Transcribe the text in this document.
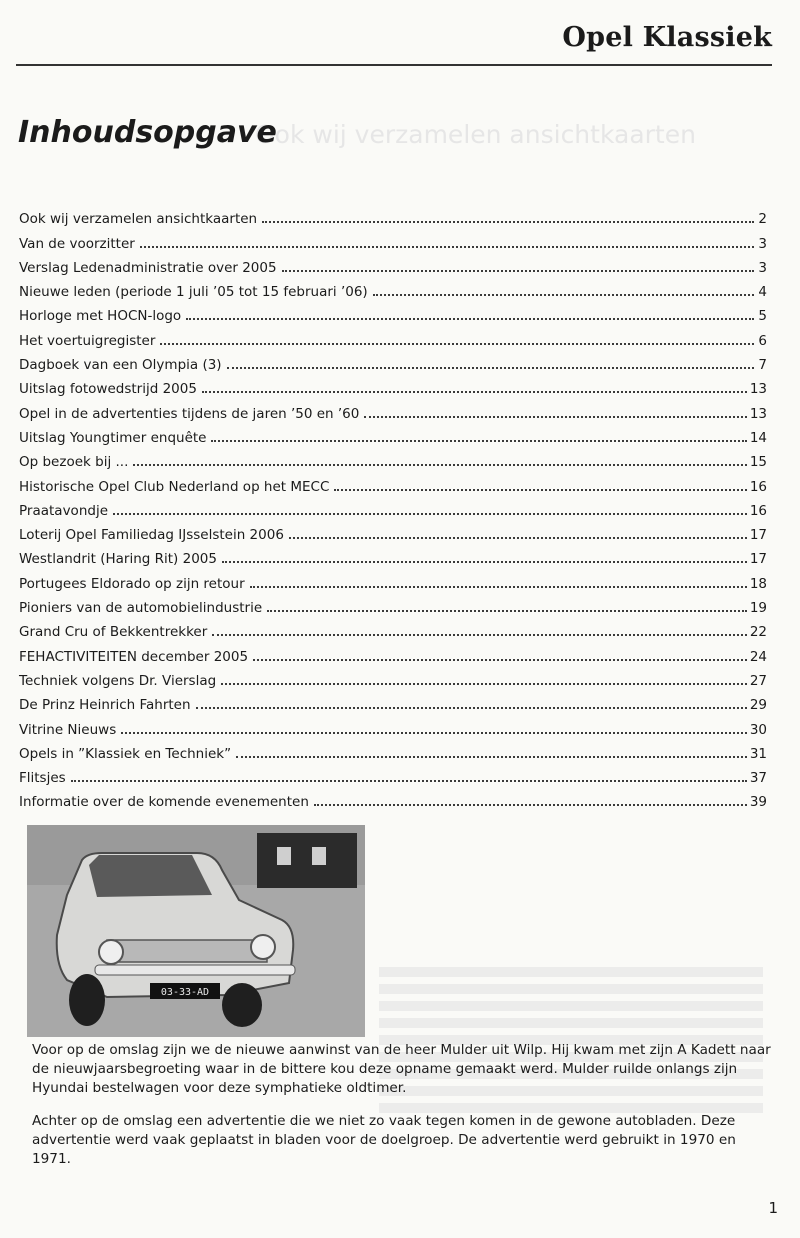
Opel Klassiek
Ook wij verzamelen ansichtkaarten
Inhoudsopgave
Ook wij verzamelen ansichtkaarten	2
Van de voorzitter	3
Verslag Ledenadministratie over 2005	3
Nieuwe leden (periode 1 juli ’05 tot 15 februari ’06)	4
Horloge met HOCN-logo	5
Het voertuigregister	6
Dagboek van een Olympia (3)	7
Uitslag fotowedstrijd 2005	13
Opel in de advertenties tijdens de jaren ’50 en ’60	13
Uitslag Youngtimer enquête	14
Op bezoek bij ...	15
Historische Opel Club Nederland op het MECC	16
Praatavondje	16
Loterij Opel Familiedag IJsselstein 2006	17
Westlandrit (Haring Rit) 2005	17
Portugees Eldorado op zijn retour	18
Pioniers van de automobielindustrie	19
Grand Cru of Bekkentrekker	22
FEHACTIVITEITEN december 2005	24
Techniek volgens Dr. Vierslag	27
De Prinz Heinrich Fahrten	29
Vitrine Nieuws	30
Opels in ”Klassiek en Techniek”	31
Flitsjes	37
Informatie over de komende evenementen	39
03-33-AD

Voor op de omslag zijn we de nieuwe aanwinst van de heer Mulder uit Wilp. Hij kwam met zijn A Kadett naar de nieuwjaarsbegroeting waar in de bittere kou deze opname gemaakt werd. Mulder ruilde onlangs zijn Hyundai bestelwagen voor deze symphatieke oldtimer.

Achter op de omslag een advertentie die we niet zo vaak tegen komen in de gewone autobladen. Deze advertentie werd vaak geplaatst in bladen voor de doelgroep. De advertentie werd gebruikt in 1970 en 1971.

1
